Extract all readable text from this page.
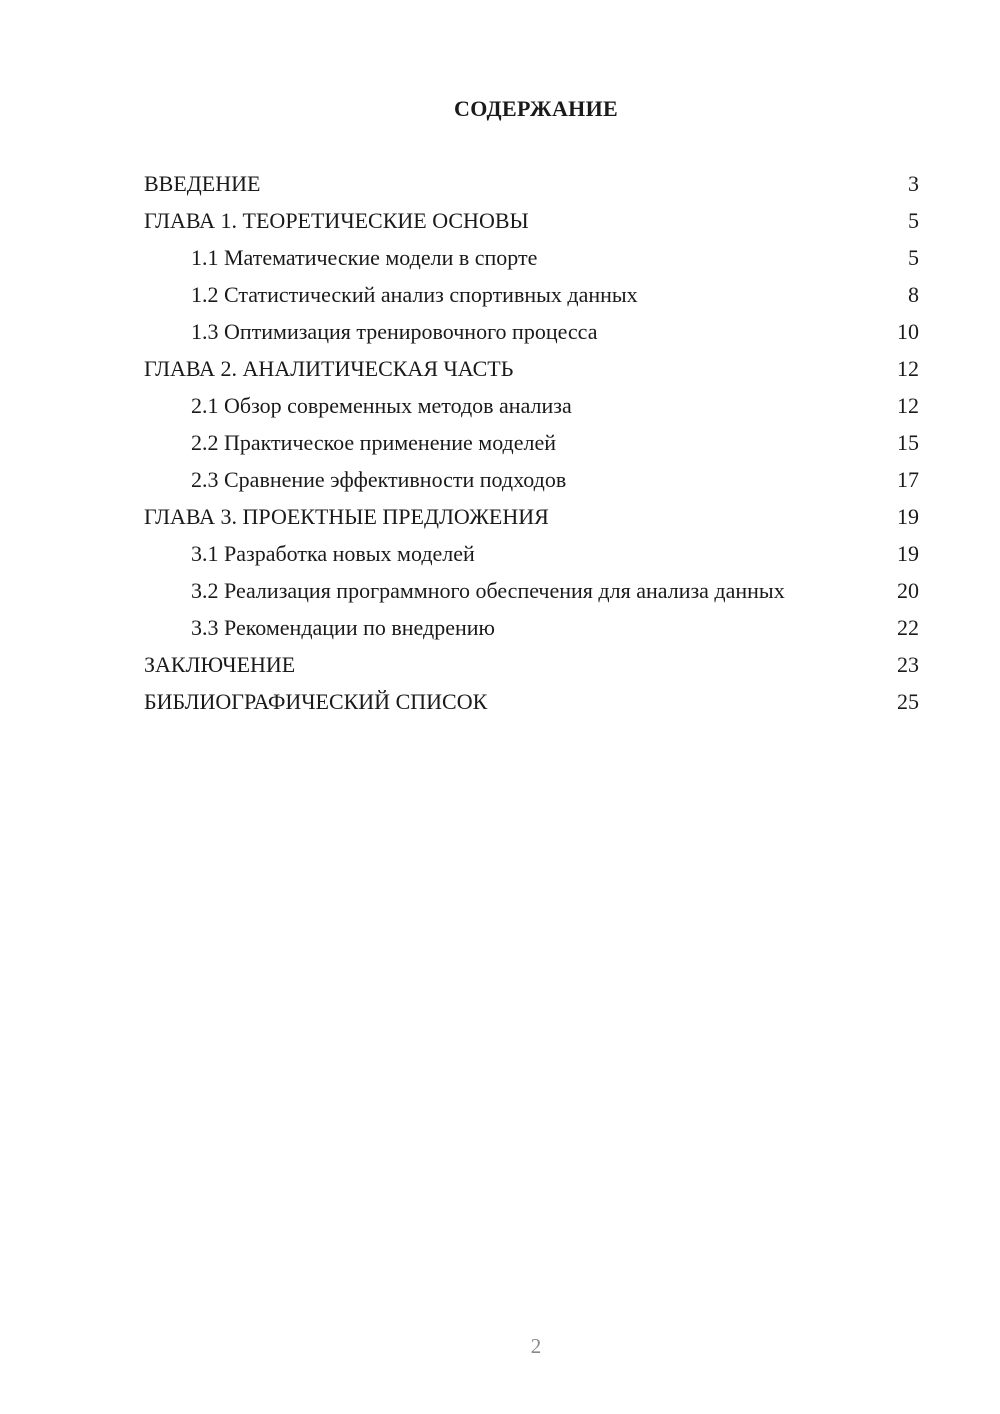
СОДЕРЖАНИЕ
ВВЕДЕНИЕ	3
ГЛАВА 1. ТЕОРЕТИЧЕСКИЕ ОСНОВЫ	5
1.1 Математические модели в спорте	5
1.2 Статистический анализ спортивных данных	8
1.3 Оптимизация тренировочного процесса	10
ГЛАВА 2. АНАЛИТИЧЕСКАЯ ЧАСТЬ	12
2.1 Обзор современных методов анализа	12
2.2 Практическое применение моделей	15
2.3 Сравнение эффективности подходов	17
ГЛАВА 3. ПРОЕКТНЫЕ ПРЕДЛОЖЕНИЯ	19
3.1 Разработка новых моделей	19
3.2 Реализация программного обеспечения для анализа данных	20
3.3 Рекомендации по внедрению	22
ЗАКЛЮЧЕНИЕ	23
БИБЛИОГРАФИЧЕСКИЙ СПИСОК	25
2
